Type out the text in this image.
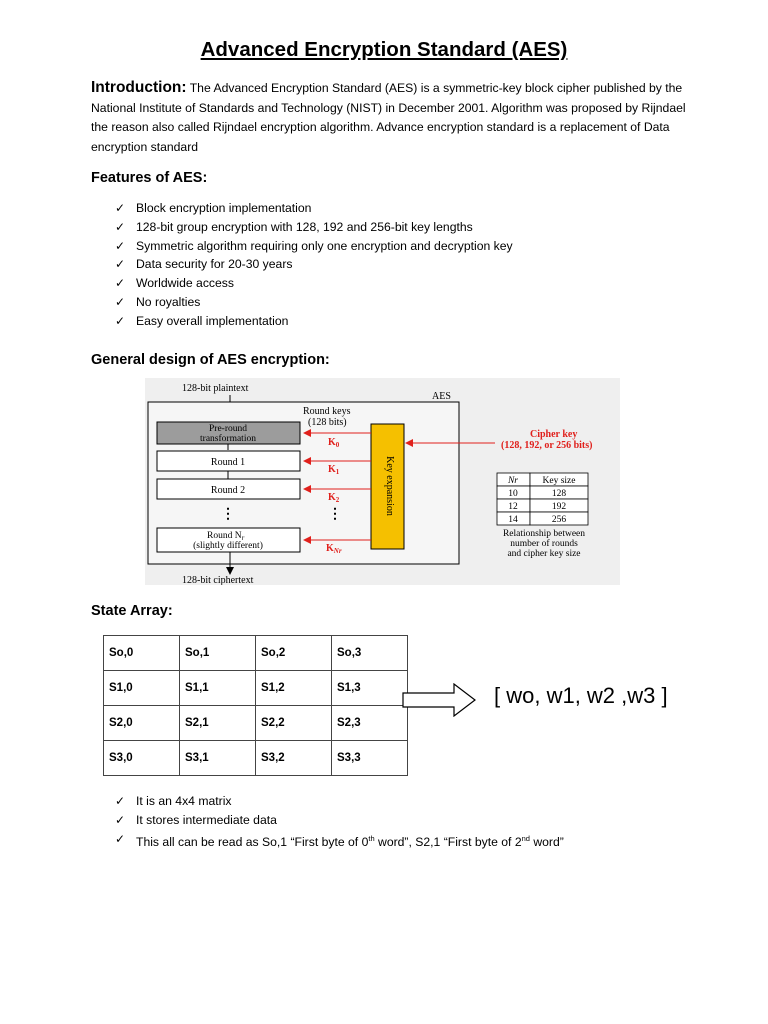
Advanced Encryption Standard (AES)
Introduction: The Advanced Encryption Standard (AES) is a symmetric-key block cipher published by the National Institute of Standards and Technology (NIST) in December 2001. Algorithm was proposed by Rijndael the reason also called Rijndael encryption algorithm. Advance encryption standard is a replacement of Data encryption standard
Features of AES:
✓ Block encryption implementation
✓ 128-bit group encryption with 128, 192 and 256-bit key lengths
✓ Symmetric algorithm requiring only one encryption and decryption key
✓ Data security for 20-30 years
✓ Worldwide access
✓ No royalties
✓ Easy overall implementation
General design of AES encryption:
128-bit plaintext
AES
Round keys
(128 bits)
Pre-round
transformation
Round 1
Round 2
⋮
Round $N_r$
(slightly different)
128-bit ciphertext
Key expansion
$K_0$
$K_1$
$K_2$
⋮
$K_{Nr}$
Cipher key
(128, 192, or 256 bits)
Nr	Key size
10	128
12	192
14	256
Relationship between
number of rounds
and cipher key size
State Array:
So,0	So,1	So,2	So,3
S1,0	S1,1	S1,2	S1,3
S2,0	S2,1	S2,2	S2,3
S3,0	S3,1	S3,2	S3,3
[ wo, w1, w2 ,w3 ]
✓ It is an 4x4 matrix
✓ It stores intermediate data
✓ This all can be read as So,1 “First byte of 0th word”, S2,1 “First byte of 2nd word”
